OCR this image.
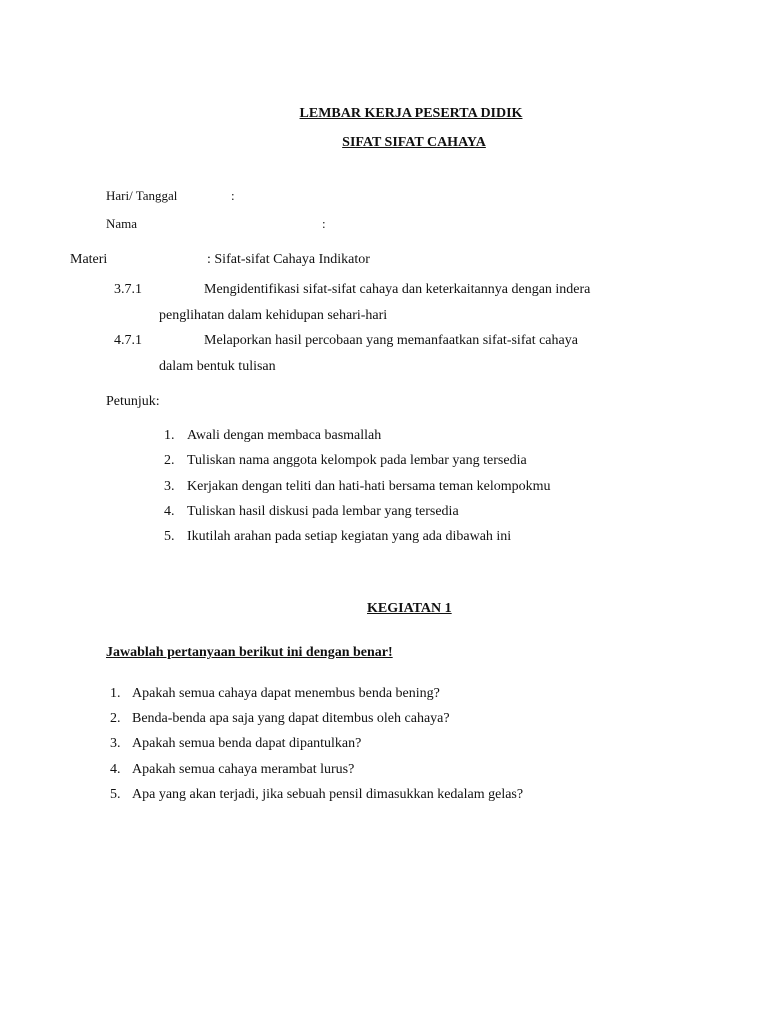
LEMBAR KERJA PESERTA DIDIK
SIFAT SIFAT CAHAYA
Hari/ Tanggal	:
Nama	:
Materi	: Sifat-sifat Cahaya Indikator
3.7.1	Mengidentifikasi sifat-sifat cahaya dan keterkaitannya dengan indera
penglihatan dalam kehidupan sehari-hari
4.7.1	Melaporkan hasil percobaan yang memanfaatkan sifat-sifat cahaya
dalam bentuk tulisan
Petunjuk:
1. Awali dengan membaca basmallah
2. Tuliskan nama anggota kelompok pada lembar yang tersedia
3. Kerjakan dengan teliti dan hati-hati bersama teman kelompokmu
4. Tuliskan hasil diskusi pada lembar yang tersedia
5. Ikutilah arahan pada setiap kegiatan yang ada dibawah ini
KEGIATAN 1
Jawablah pertanyaan berikut ini dengan benar!
1. Apakah semua cahaya dapat menembus benda bening?
2. Benda-benda apa saja yang dapat ditembus oleh cahaya?
3. Apakah semua benda dapat dipantulkan?
4. Apakah semua cahaya merambat lurus?
5. Apa yang akan terjadi, jika sebuah pensil dimasukkan kedalam gelas?
